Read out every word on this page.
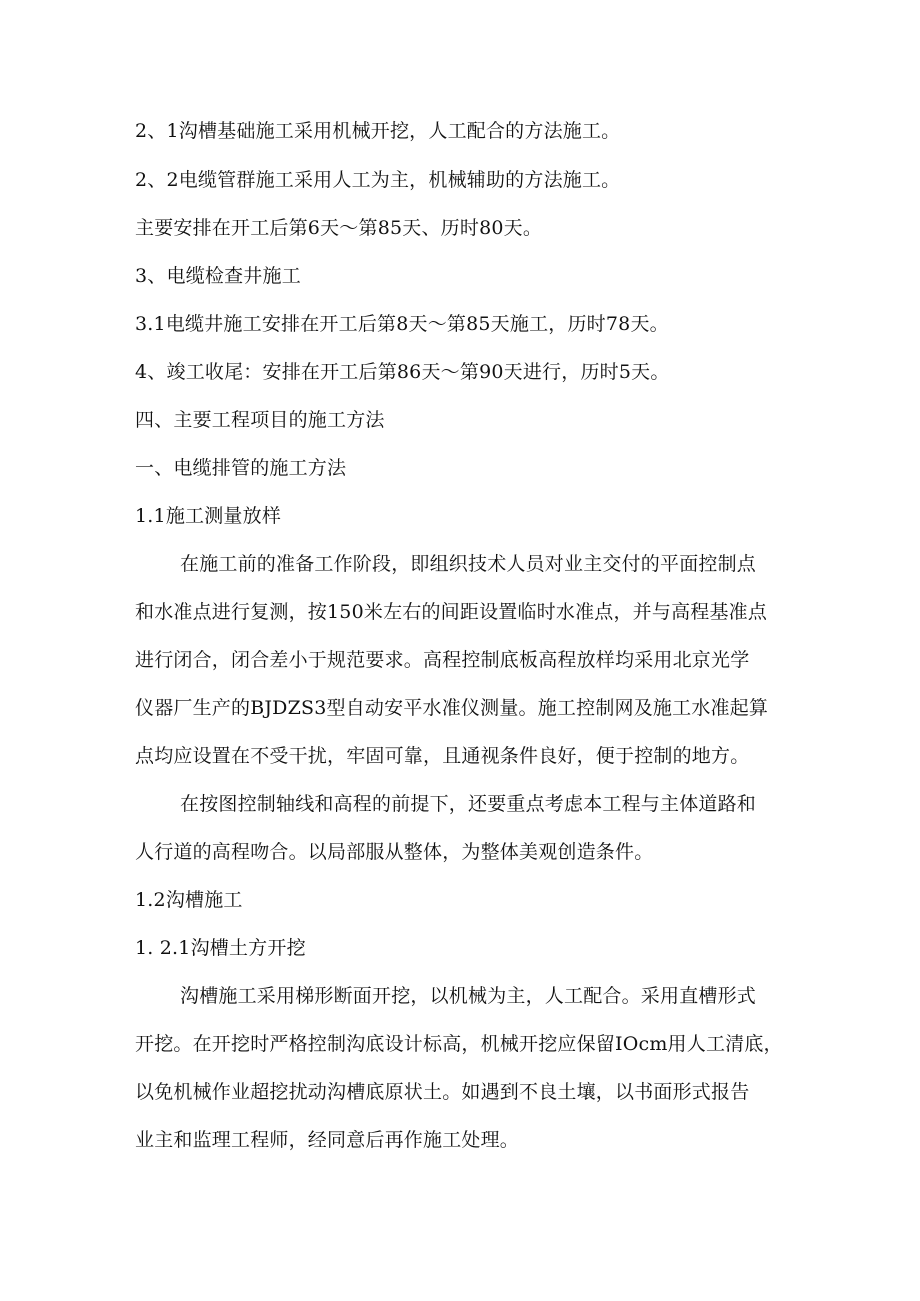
2、1沟槽基础施工采用机械开挖，人工配合的方法施工。
2、2电缆管群施工采用人工为主，机械辅助的方法施工。
主要安排在开工后第6天～第85天、历时80天。
3、电缆检查井施工
3.1电缆井施工安排在开工后第8天～第85天施工，历时78天。
4、竣工收尾：安排在开工后第86天～第90天进行，历时5天。
四、主要工程项目的施工方法
一、电缆排管的施工方法
1.1施工测量放样
在施工前的准备工作阶段，即组织技术人员对业主交付的平面控制点
和水准点进行复测，按150米左右的间距设置临时水准点，并与高程基准点
进行闭合，闭合差小于规范要求。高程控制底板高程放样均采用北京光学
仪器厂生产的BJDZS3型自动安平水准仪测量。施工控制网及施工水准起算
点均应设置在不受干扰，牢固可靠，且通视条件良好，便于控制的地方。
在按图控制轴线和高程的前提下，还要重点考虑本工程与主体道路和
人行道的高程吻合。以局部服从整体，为整体美观创造条件。
1.2沟槽施工
1. 2.1沟槽土方开挖
沟槽施工采用梯形断面开挖，以机械为主，人工配合。采用直槽形式
开挖。在开挖时严格控制沟底设计标高，机械开挖应保留IOcm用人工清底，
以免机械作业超挖扰动沟槽底原状土。如遇到不良土壤，以书面形式报告
业主和监理工程师，经同意后再作施工处理。
